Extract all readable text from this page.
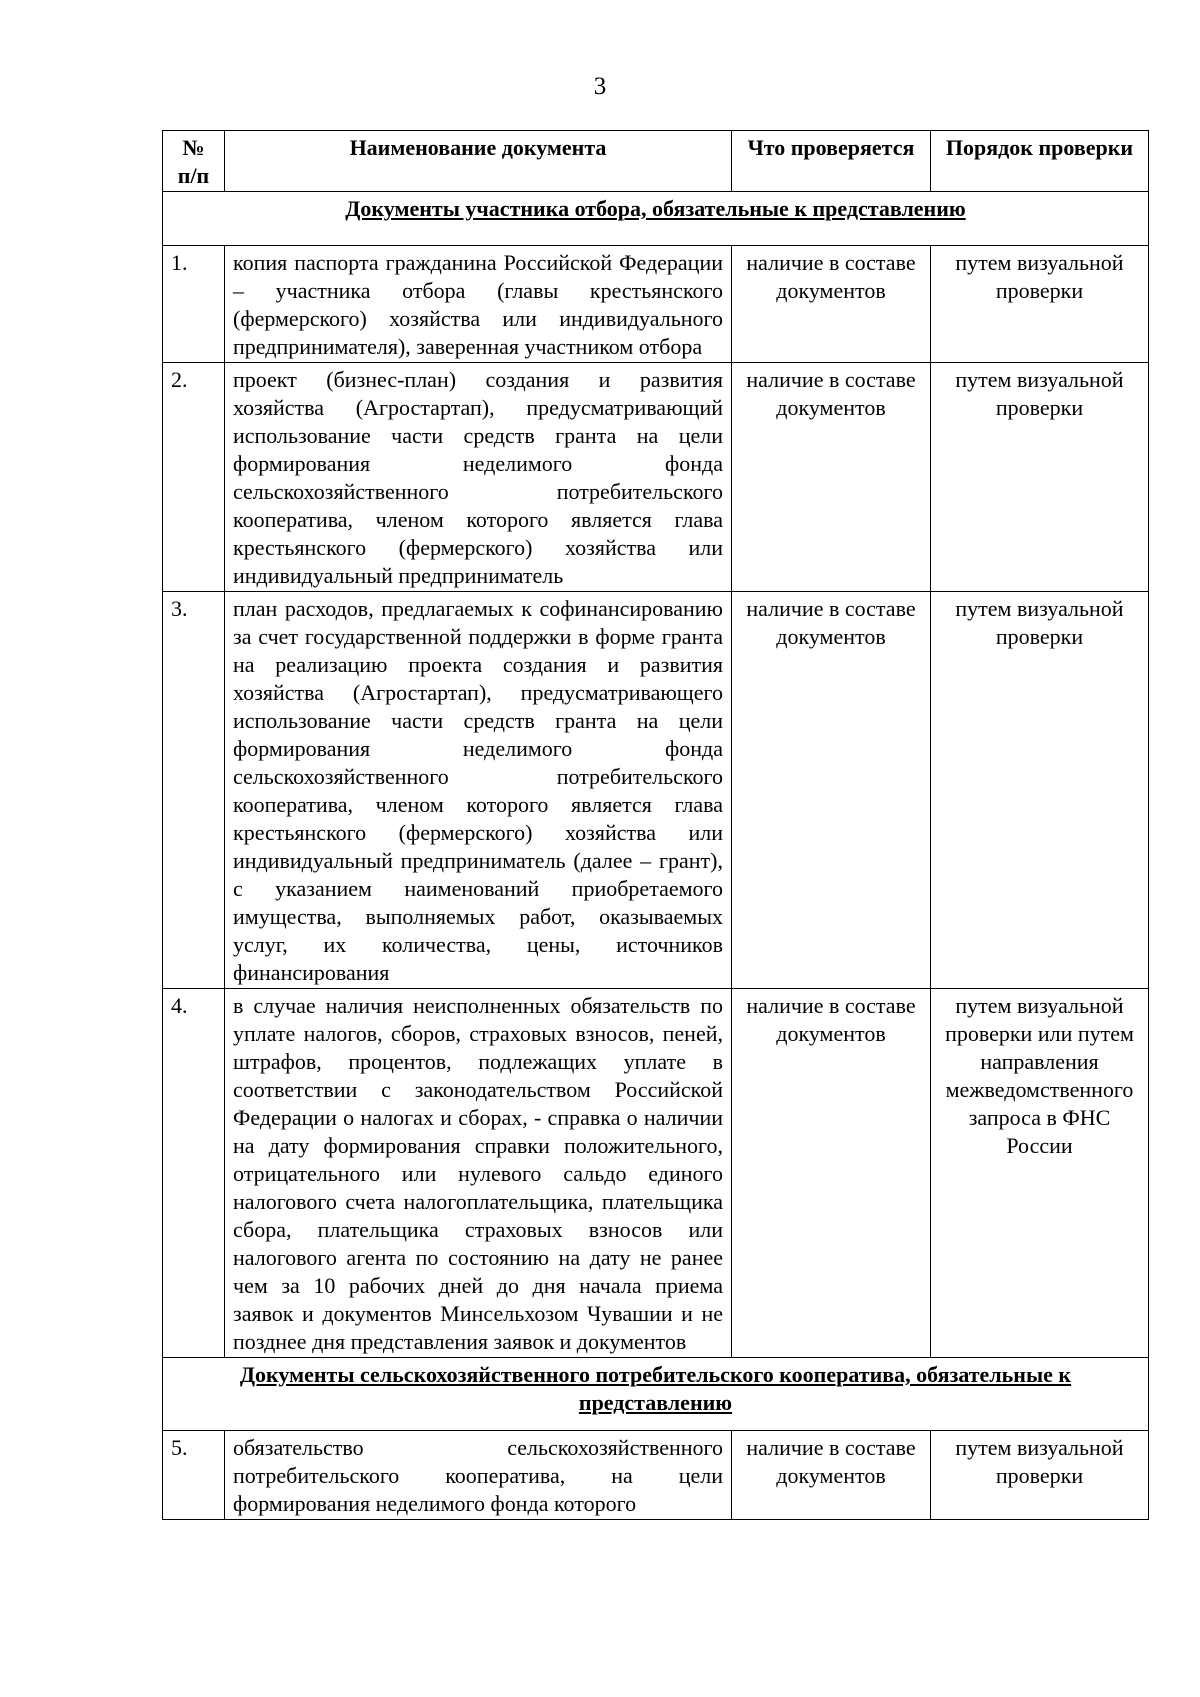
3
№ п/п	Наименование документа	Что проверяется	Порядок проверки
Документы участника отбора, обязательные к представлению			
1.	копия паспорта гражданина Российской Федерации – участника отбора (главы крестьянского (фермерского) хозяйства или индивидуального предпринимателя), заверенная участником отбора	наличие в составе документов	путем визуальной проверки
2.	проект (бизнес-план) создания и развития хозяйства (Агростартап), предусматривающий использование части средств гранта на цели формирования неделимого фонда сельскохозяйственного потребительского кооператива, членом которого является глава крестьянского (фермерского) хозяйства или индивидуальный предприниматель	наличие в составе документов	путем визуальной проверки
3.	план расходов, предлагаемых к софинансированию за счет государственной поддержки в форме гранта на реализацию проекта создания и развития хозяйства (Агростартап), предусматривающего использование части средств гранта на цели формирования неделимого фонда сельскохозяйственного потребительского кооператива, членом которого является глава крестьянского (фермерского) хозяйства или индивидуальный предприниматель (далее – грант), с указанием наименований приобретаемого имущества, выполняемых работ, оказываемых услуг, их количества, цены, источников финансирования	наличие в составе документов	путем визуальной проверки
4.	в случае наличия неисполненных обязательств по уплате налогов, сборов, страховых взносов, пеней, штрафов, процентов, подлежащих уплате в соответствии с законодательством Российской Федерации о налогах и сборах, - справка о наличии на дату формирования справки положительного, отрицательного или нулевого сальдо единого налогового счета налогоплательщика, плательщика сбора, плательщика страховых взносов или налогового агента по состоянию на дату не ранее чем за 10 рабочих дней до дня начала приема заявок и документов Минсельхозом Чувашии и не позднее дня представления заявок и документов	наличие в составе документов	путем визуальной проверки или путем направления межведомственного запроса в ФНС России
Документы сельскохозяйственного потребительского кооператива, обязательные к представлению			
5.	обязательство сельскохозяйственного потребительского кооператива, на цели формирования неделимого фонда которого	наличие в составе документов	путем визуальной проверки
